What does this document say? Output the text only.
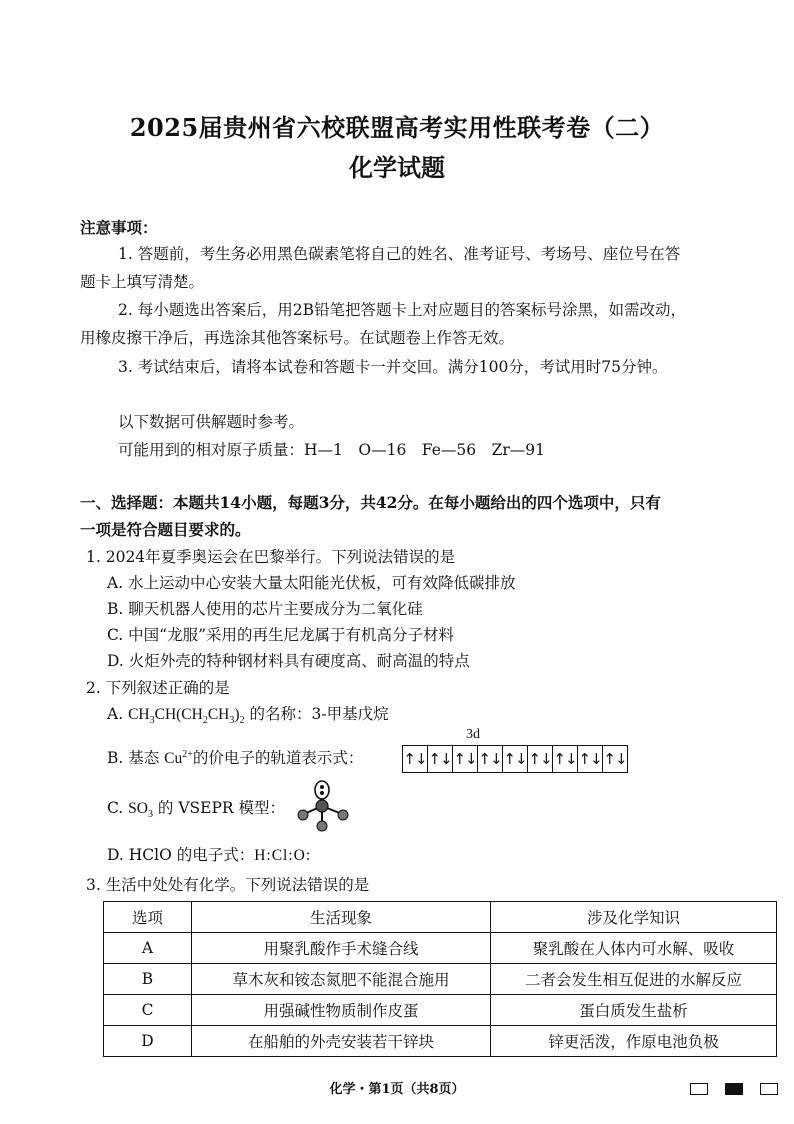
2025届贵州省六校联盟高考实用性联考卷（二）
化学试题
注意事项：
1. 答题前，考生务必用黑色碳素笔将自己的姓名、准考证号、考场号、座位号在答
题卡上填写清楚。
2. 每小题选出答案后，用2B铅笔把答题卡上对应题目的答案标号涂黑，如需改动，
用橡皮擦干净后，再选涂其他答案标号。在试题卷上作答无效。
3. 考试结束后，请将本试卷和答题卡一并交回。满分100分，考试用时75分钟。
以下数据可供解题时参考。
可能用到的相对原子质量：H—1　O—16　Fe—56　Zr—91
一、选择题：本题共14小题，每题3分，共42分。在每小题给出的四个选项中，只有
一项是符合题目要求的。
1. 2024年夏季奥运会在巴黎举行。下列说法错误的是
A. 水上运动中心安装大量太阳能光伏板，可有效降低碳排放
B. 聊天机器人使用的芯片主要成分为二氧化硅
C. 中国“龙服”采用的再生尼龙属于有机高分子材料
D. 火炬外壳的特种钢材料具有硬度高、耐高温的特点
2. 下列叙述正确的是
A. $CH_3CH(CH_2CH_3)_2$ 的名称：3-甲基戊烷
3d
B. 基态 $Cu^{2+}$的价电子的轨道表示式：	↑↓ ↑↓ ↑↓ ↑↓ ↑↓ ↑↓ ↑↓ ↑↓ ↑↓
C. $SO_3$ 的 VSEPR 模型：
D. HClO 的电子式：H:Cl:O:
3. 生活中处处有化学。下列说法错误的是
选项	生活现象	涉及化学知识
A	用聚乳酸作手术缝合线	聚乳酸在人体内可水解、吸收
B	草木灰和铵态氮肥不能混合施用	二者会发生相互促进的水解反应
C	用强碱性物质制作皮蛋	蛋白质发生盐析
D	在船舶的外壳安装若干锌块	锌更活泼，作原电池负极
化学・第1页（共8页）
